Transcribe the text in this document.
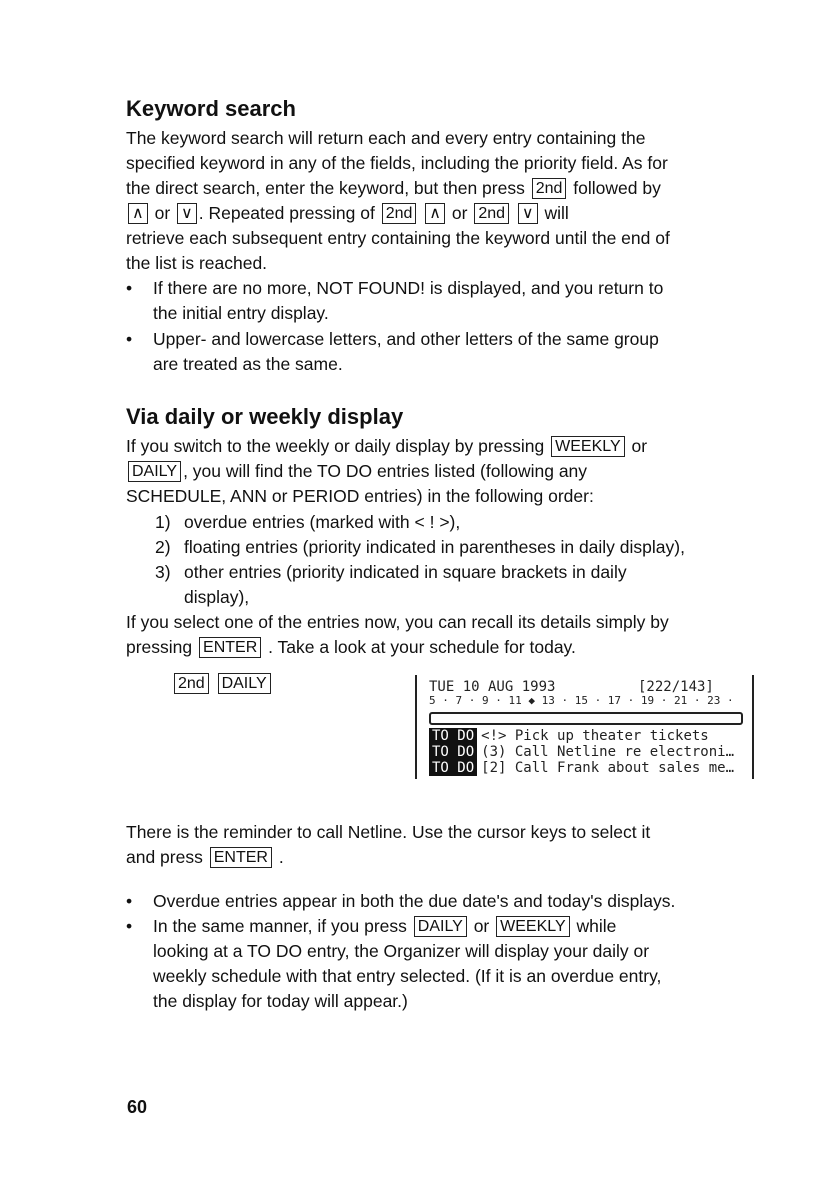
Keyword search
The keyword search will return each and every entry containing the
specified keyword in any of the fields, including the priority field. As for
the direct search, enter the keyword, but then press 2nd followed by
∧ or ∨ . Repeated pressing of 2nd ∧ or 2nd ∨ will
retrieve each subsequent entry containing the keyword until the end of
the list is reached.
• If there are no more, NOT FOUND! is displayed, and you return to
the initial entry display.
• Upper- and lowercase letters, and other letters of the same group
are treated as the same.
Via daily or weekly display
If you switch to the weekly or daily display by pressing WEEKLY or
DAILY , you will find the TO DO entries listed (following any
SCHEDULE, ANN or PERIOD entries) in the following order:
1) overdue entries (marked with < ! >),
2) floating entries (priority indicated in parentheses in daily display),
3) other entries (priority indicated in square brackets in daily
display),
If you select one of the entries now, you can recall its details simply by
pressing ENTER . Take a look at your schedule for today.
2nd DAILY	TUE 10 AUG 1993	[222/143]
5 · 7 · 9 · 11 ◆ 13 · 15 · 17 · 19 · 21 · 23 ·
TO DO <!> Pick up theater tickets
TO DO (3) Call Netline re electroni…
TO DO [2] Call Frank about sales me…
There is the reminder to call Netline. Use the cursor keys to select it
and press ENTER .
• Overdue entries appear in both the due date's and today's displays.
• In the same manner, if you press DAILY or WEEKLY while
looking at a TO DO entry, the Organizer will display your daily or
weekly schedule with that entry selected. (If it is an overdue entry,
the display for today will appear.)
60
